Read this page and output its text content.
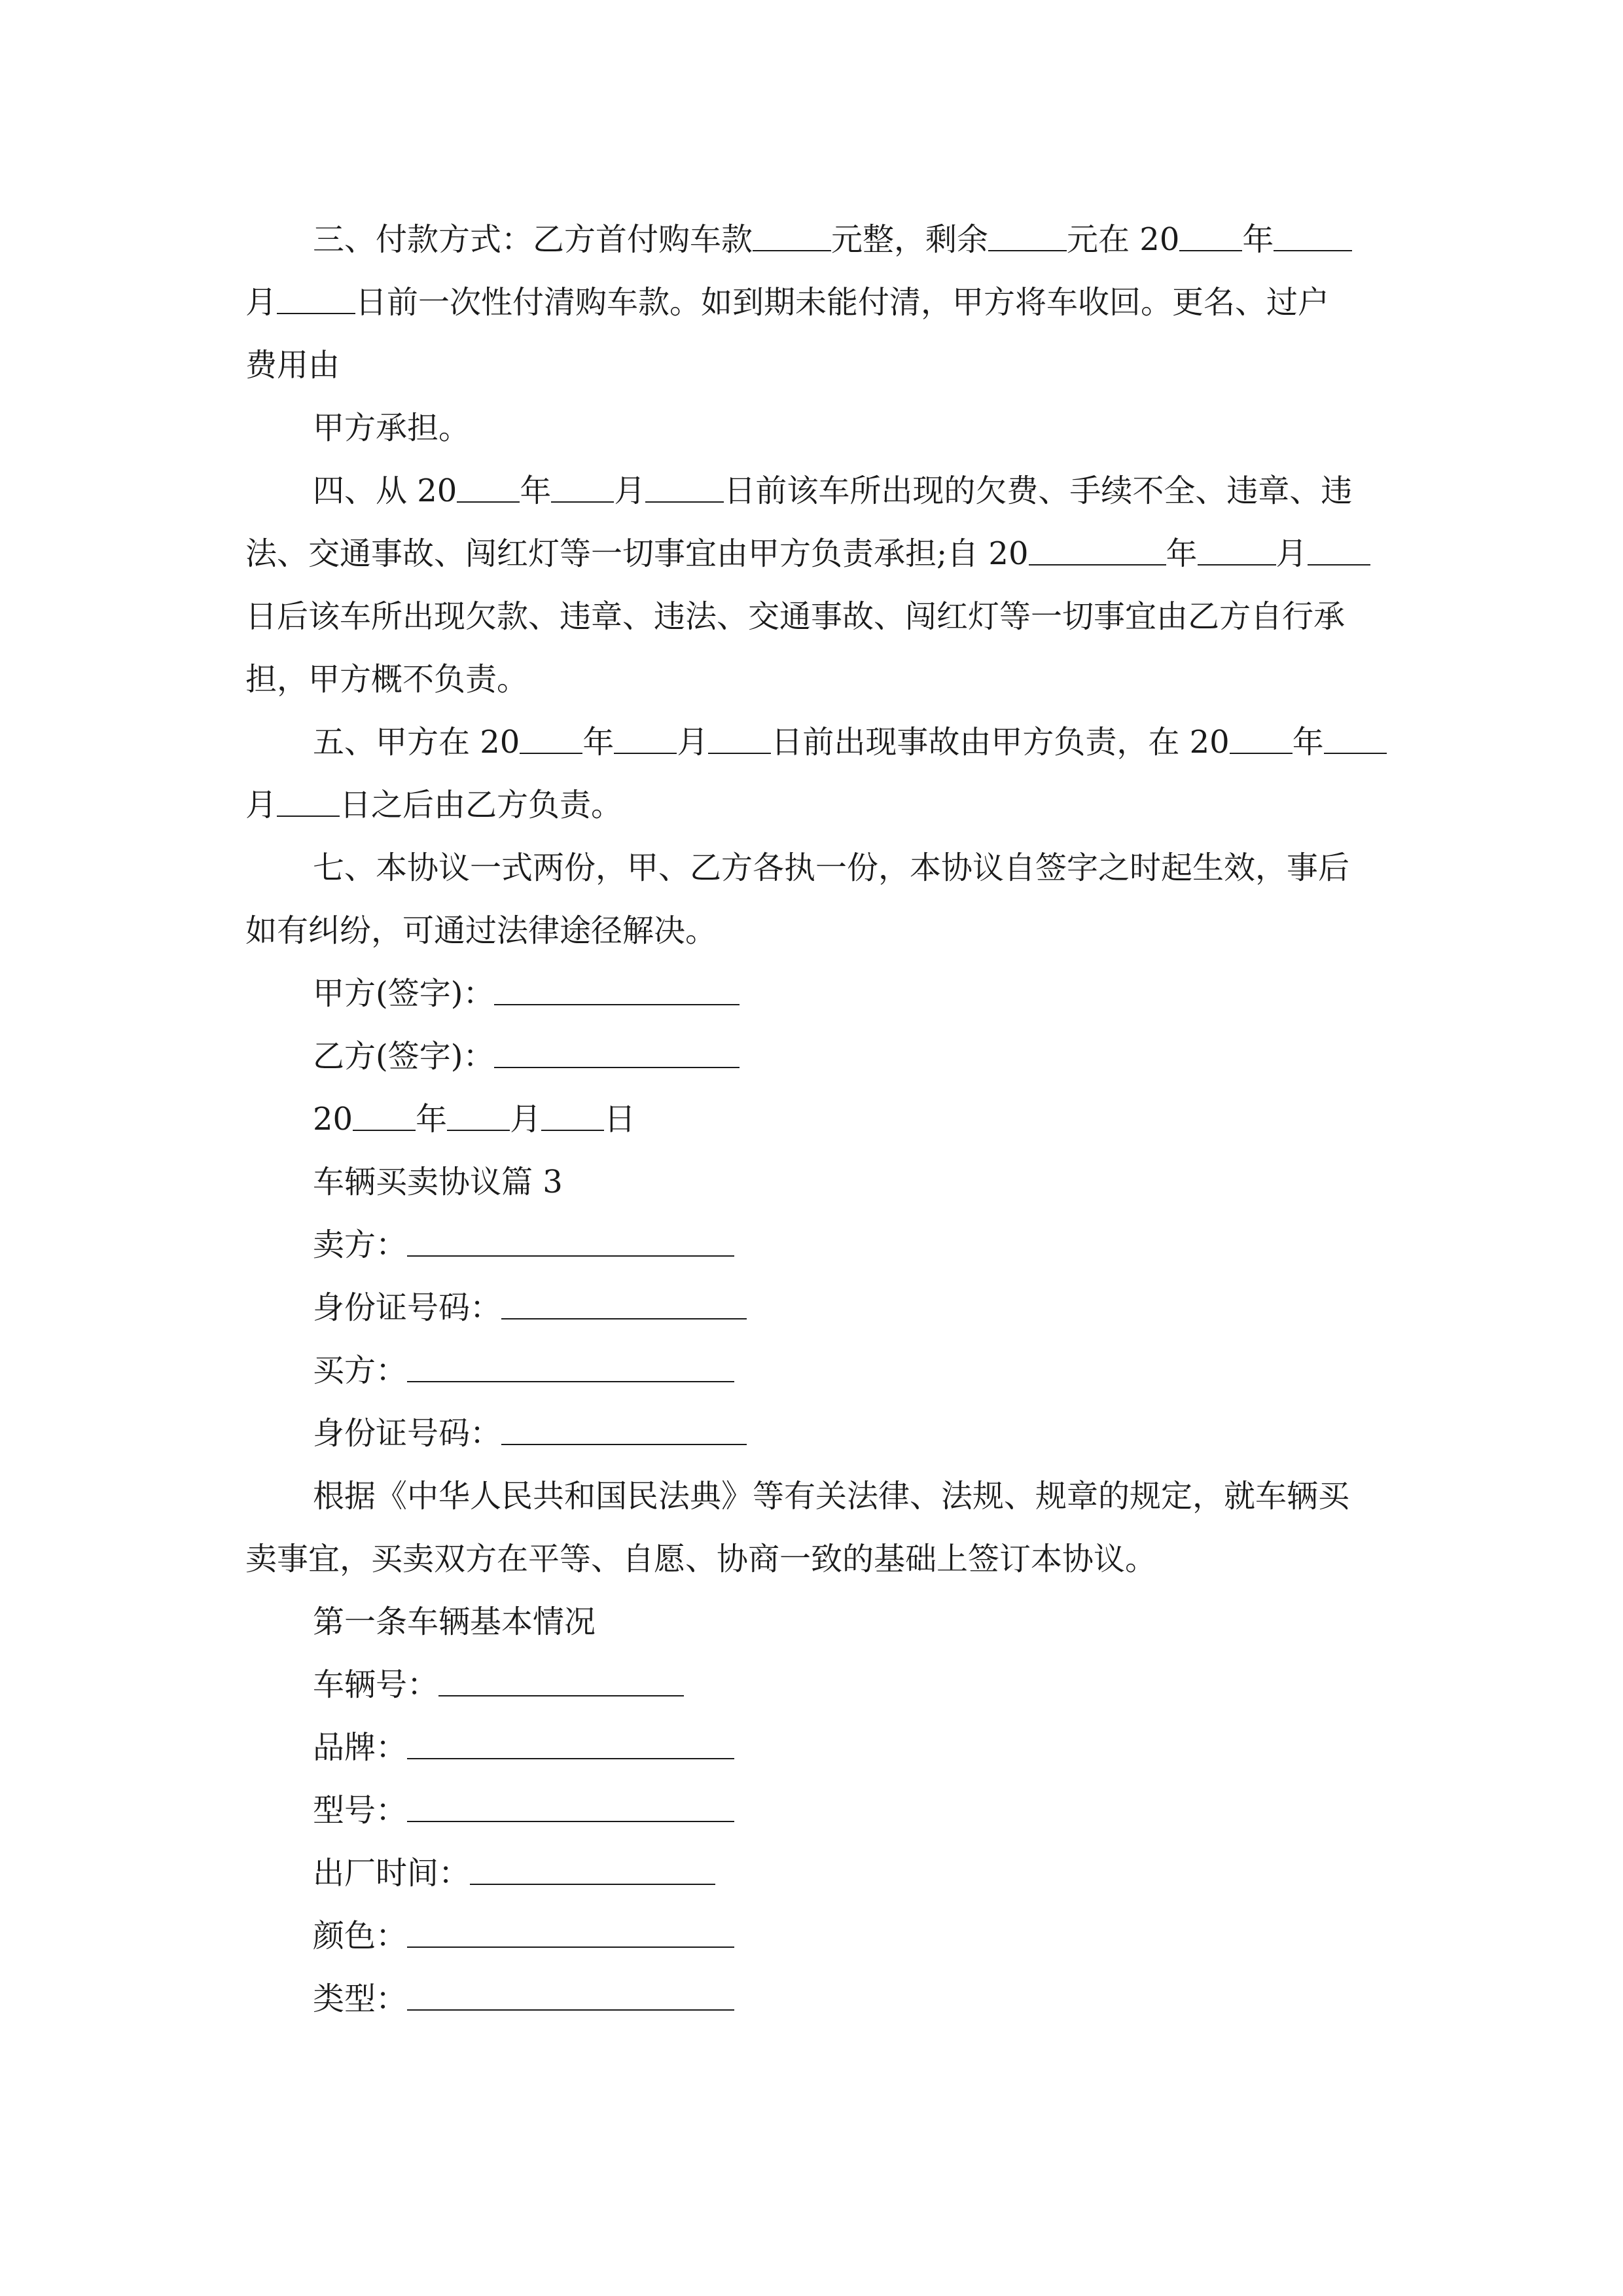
三、付款方式：乙方首付购车款	元整，剩余	元在 20 年

月	日前一次性付清购车款。如到期未能付清，甲方将车收回。更名、过户

费用由

甲方承担。

四、从 20 年 月	日前该车所出现的欠费、手续不全、违章、违

法、交通事故、闯红灯等一切事宜由甲方负责承担;自 20	年	月

日后该车所出现欠款、违章、违法、交通事故、闯红灯等一切事宜由乙方自行承

担，甲方概不负责。

五、甲方在 20 年 月 日前出现事故由甲方负责，在 20 年

月 日之后由乙方负责。

七、本协议一式两份，甲、乙方各执一份，本协议自签字之时起生效，事后

如有纠纷，可通过法律途径解决。

甲方(签字)：

乙方(签字)：

20 年 月 日

车辆买卖协议篇 3

卖方：

身份证号码：

买方：

身份证号码：

根据《中华人民共和国民法典》等有关法律、法规、规章的规定，就车辆买

卖事宜，买卖双方在平等、自愿、协商一致的基础上签订本协议。

第一条车辆基本情况

车辆号：

品牌：

型号：

出厂时间：

颜色：

类型：
